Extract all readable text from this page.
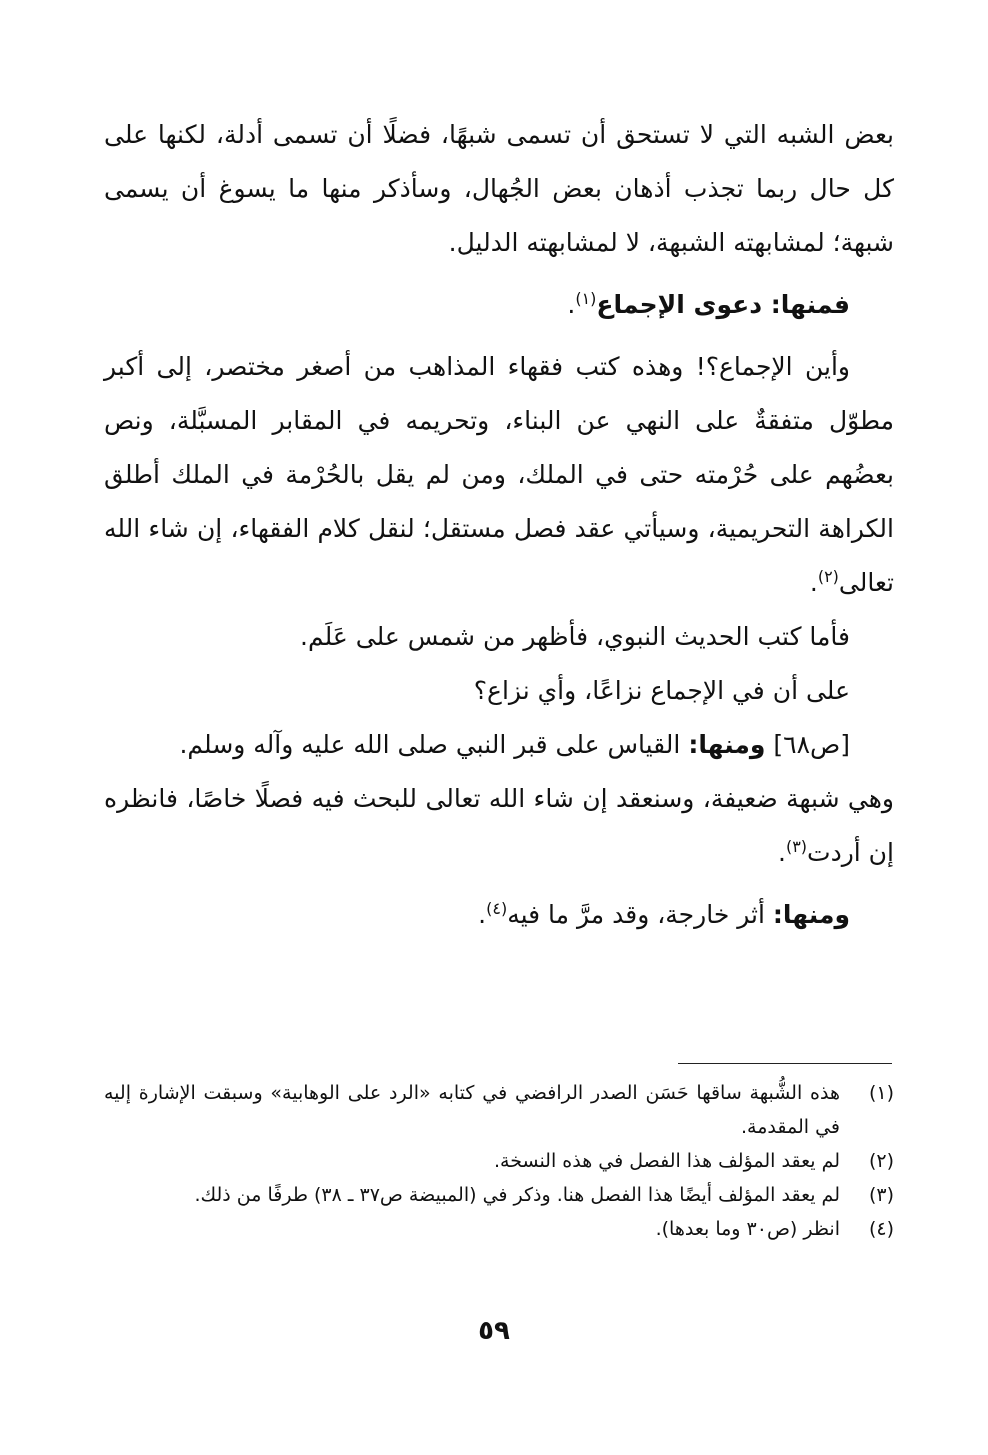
بعض الشبه التي لا تستحق أن تسمى شبهًا، فضلًا أن تسمى أدلة، لكنها على كل حال ربما تجذب أذهان بعض الجُهال، وسأذكر منها ما يسوغ أن يسمى شبهة؛ لمشابهته الشبهة، لا لمشابهته الدليل.

فمنها: دعوى الإجماع$^{(١)}$.

وأين الإجماع؟! وهذه كتب فقهاء المذاهب من أصغر مختصر، إلى أكبر مطوّل متفقةٌ على النهي عن البناء، وتحريمه في المقابر المسبَّلة، ونص بعضُهم على حُرْمته حتى في الملك، ومن لم يقل بالحُرْمة في الملك أطلق الكراهة التحريمية، وسيأتي عقد فصل مستقل؛ لنقل كلام الفقهاء، إن شاء الله تعالى$^{(٢)}$.

فأما كتب الحديث النبوي، فأظهر من شمس على عَلَم.

على أن في الإجماع نزاعًا، وأي نزاع؟

[ص٦٨] ومنها: القياس على قبر النبي صلى الله عليه وآله وسلم.

وهي شبهة ضعيفة، وسنعقد إن شاء الله تعالى للبحث فيه فصلًا خاصًا، فانظره إن أردت$^{(٣)}$.

ومنها: أثر خارجة، وقد مرَّ ما فيه$^{(٤)}$.

(١)
هذه الشُّبهة ساقها حَسَن الصدر الرافضي في كتابه «الرد على الوهابية» وسبقت الإشارة إليه في المقدمة.
(٢)
لم يعقد المؤلف هذا الفصل في هذه النسخة.
(٣)
لم يعقد المؤلف أيضًا هذا الفصل هنا. وذكر في (المبيضة ص٣٧ ـ ٣٨) طرفًا من ذلك.
(٤)
انظر (ص٣٠ وما بعدها).
٥٩
